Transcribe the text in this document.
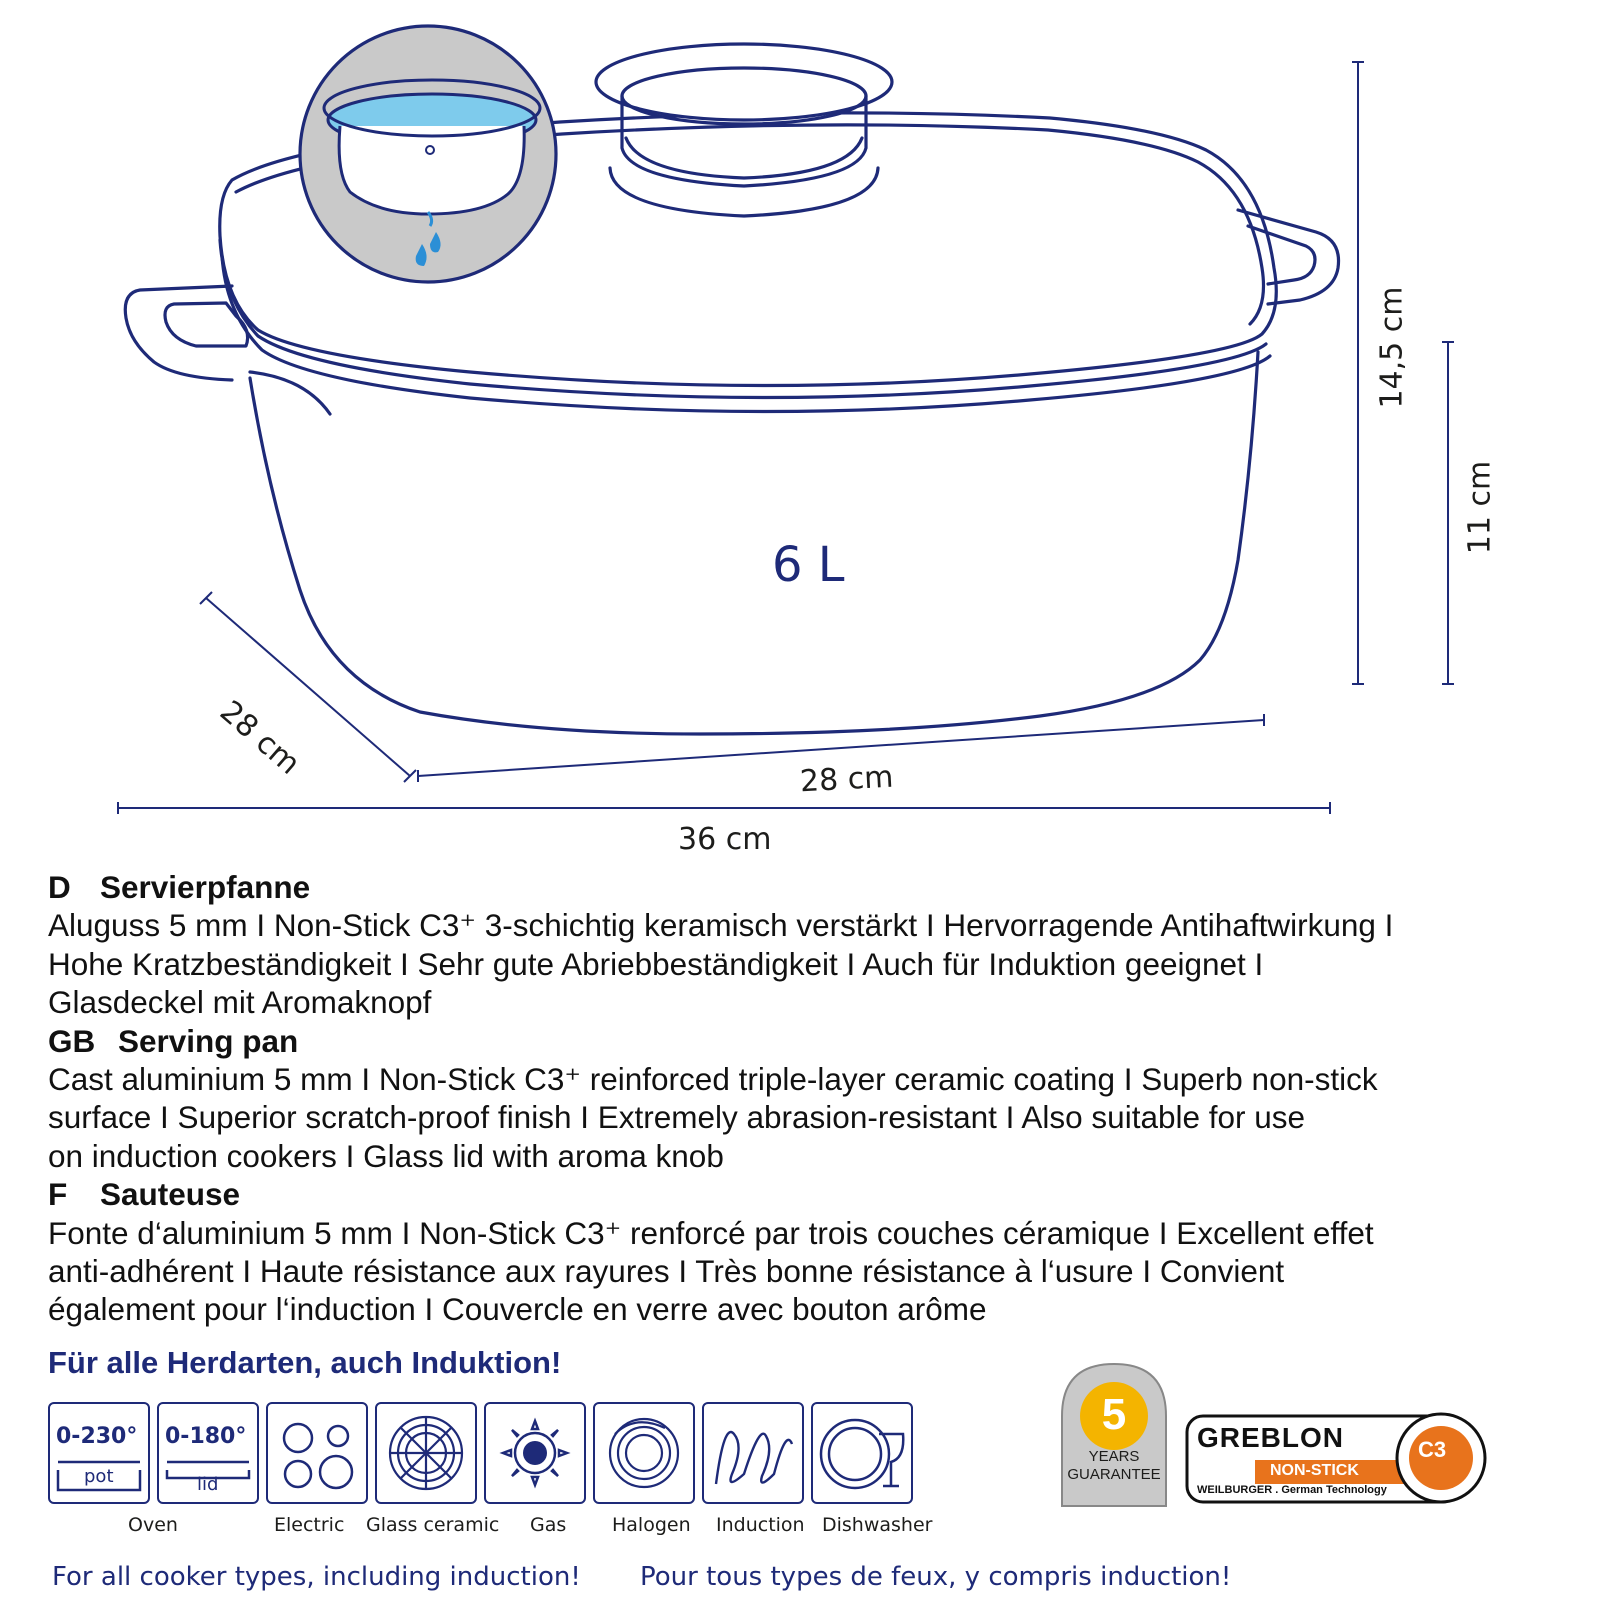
14,5 cm
11 cm
28 cm	28 cm
36 cm
6 L

D Servierpfanne

Aluguss 5 mm I Non-Stick C3⁺ 3-schichtig keramisch verstärkt I Hervorragende Antihaftwirkung I

Hohe Kratzbeständigkeit I Sehr gute Abriebbeständigkeit I Auch für Induktion geeignet I

Glasdeckel mit Aromaknopf

GB Serving pan

Cast aluminium 5 mm I Non-Stick C3⁺ reinforced triple-layer ceramic coating I Superb non-stick

surface I Superior scratch-proof finish I Extremely abrasion-resistant I Also suitable for use

on induction cookers I Glass lid with aroma knob

F Sauteuse

Fonte d‘aluminium 5 mm I Non-Stick C3⁺ renforcé par trois couches céramique I Excellent effet

anti-adhérent I Haute résistance aux rayures I Très bonne résistance à l‘usure I Convient

également pour l‘induction I Couvercle en verre avec bouton arôme

Für alle Herdarten, auch Induktion!
0-230°
pot
0-180°
lid
Oven	Electric Glass ceramic Gas Halogen Induction Dishwasher
5
YEARS
GUARANTEE
GREBLON
NON-STICK
C3
WEILBURGER . German Technology
For all cooker types, including induction! Pour tous types de feux, y compris induction!
